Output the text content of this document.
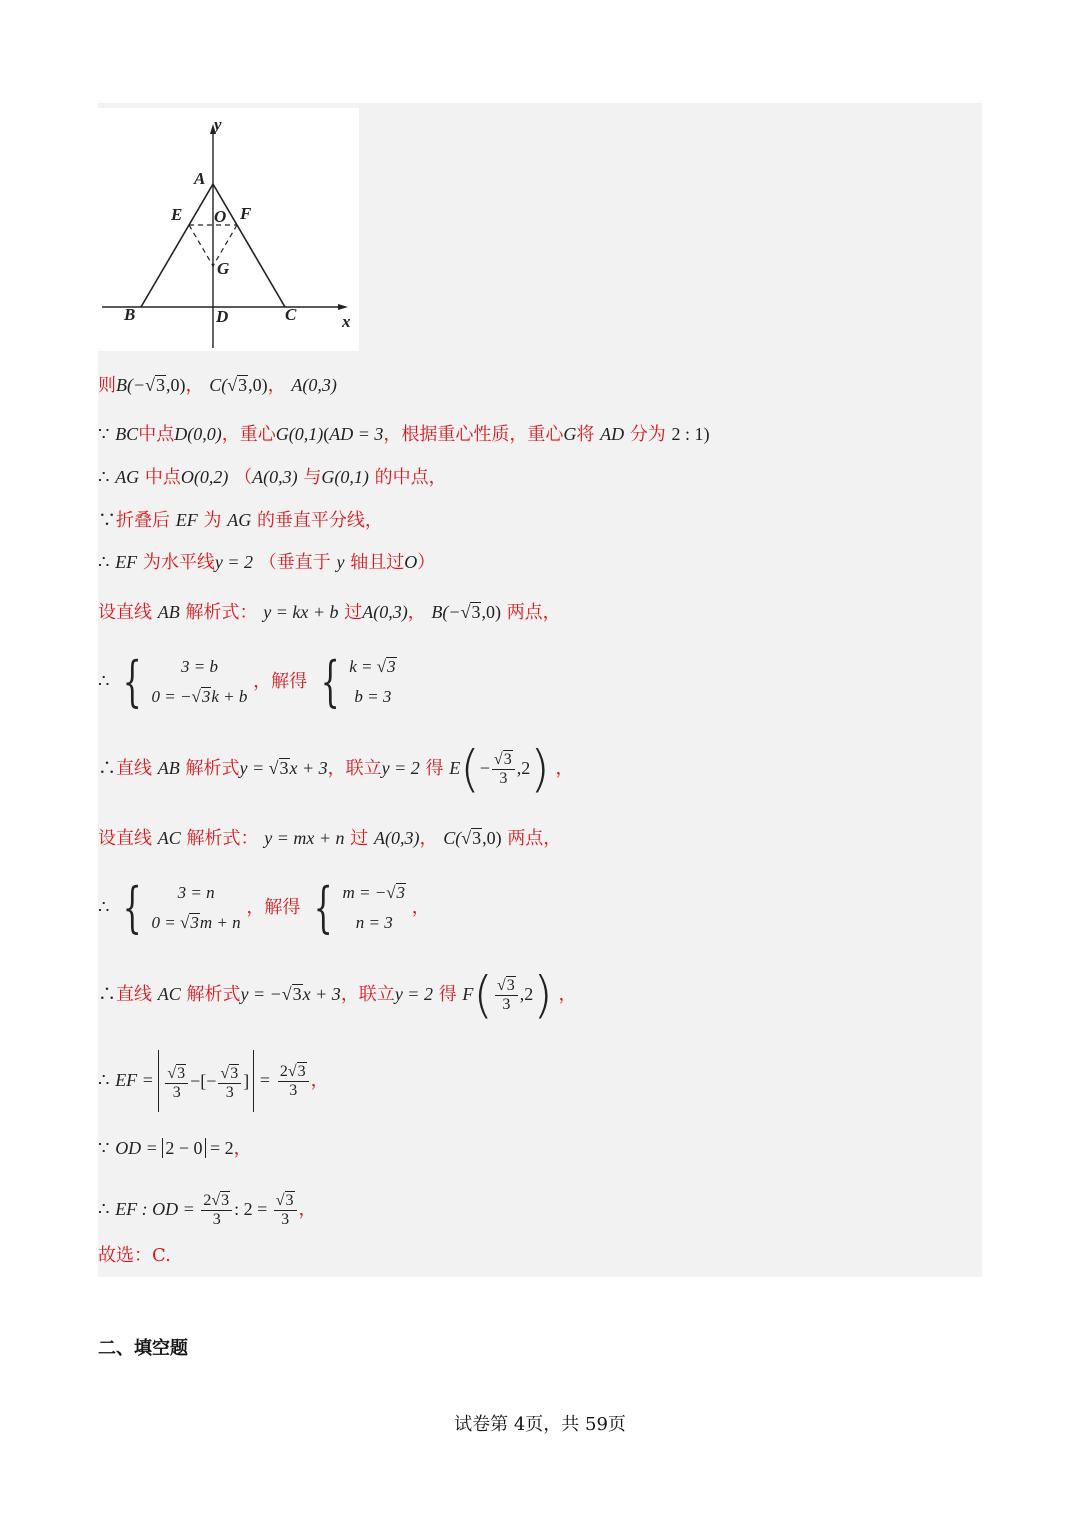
y
x
A
E O F
G
B	D	C
则B(−√3,0)， C(√3,0)， A(0,3)
∵ BC中点D(0,0)，重心G(0,1)(AD = 3，根据重心性质，重心G将 AD 分为 2 : 1)
∴ AG 中点O(0,2) （A(0,3) 与G(0,1) 的中点，
∵折叠后 EF 为 AG 的垂直平分线，
∴ EF 为水平线y = 2 （垂直于 y 轴且过O）
设直线 AB 解析式： y = kx + b 过A(0,3)， B(−√3,0) 两点，
∴ {	3 = b
0 = −√3k + b
，解得 { k = √3
b = 3
∴直线 AB 解析式y = √3x + 3，联立y = 2 得 $E(- \frac{√3}{3} ,2)$ ，
设直线 AC 解析式： y = mx + n 过 A(0,3)， C(√3,0) 两点，
∴ {	3 = n
0 = √3m + n
，解得 { m = −√3
n = 3
，
∴直线 AC 解析式y = −√3x + 3，联立y = 2 得 $F( \frac{√3}{3} ,2)$ ，
∴ EF = $\frac{√3}{3}$ −[− $\frac{√3}{3}$ ] = $\frac{2√3}{3}$ ，
∵ OD = 2 − 0 = 2，
∴ EF : OD = $\frac{2√3}{3}$ : $2 = \frac{√3}{3}$ ，
故选：C.
二、填空题
试卷第 4页，共 59页
